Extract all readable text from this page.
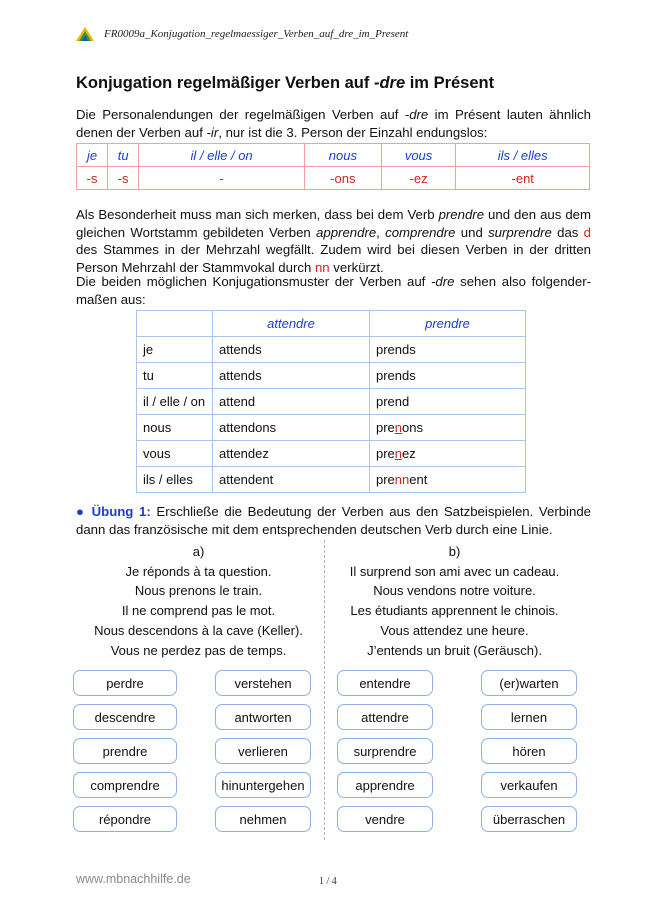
FR0009a_Konjugation_regelmaessiger_Verben_auf_dre_im_Present
Konjugation regelmäßiger Verben auf -dre im Présent

Die Personalendungen der regelmäßigen Verben auf -dre im Présent lauten ähnlich denen der Verben auf -ir, nur ist die 3. Person der Einzahl endungslos:

je	tu	il / elle / on	nous	vous	ils / elles
-s	-s	-	-ons	-ez	-ent

Als Besonderheit muss man sich merken, dass bei dem Verb prendre und den aus dem gleichen Wortstamm gebildeten Verben apprendre, comprendre und surprendre das d des Stammes in der Mehrzahl wegfällt. Zudem wird bei diesen Verben in der dritten Person Mehrzahl der Stammvokal durch nn verkürzt.

Die beiden möglichen Konjugationsmuster der Verben auf -dre sehen also folgender-maßen aus:

	attendre	prendre
je	attends	prends
tu	attends	prends
il / elle / on	attend	prend
nous	attendons	prenons
vous	attendez	prenez
ils / elles	attendent	prennent

● Übung 1: Erschließe die Bedeutung der Verben aus den Satzbeispielen. Verbinde dann das französische mit dem entsprechenden deutschen Verb durch eine Linie.

a)
Je réponds à ta question.
Nous prenons le train.
Il ne comprend pas le mot.
Nous descendons à la cave (Keller).
Vous ne perdez pas de temps.
b)
Il surprend son ami avec un cadeau.
Nous vendons notre voiture.
Les étudiants apprennent le chinois.
Vous attendez une heure.
J’entends un bruit (Geräusch).
perdre
descendre
prendre
comprendre
répondre
verstehen
antworten
verlieren
hinuntergehen
nehmen
entendre
attendre
surprendre
apprendre
vendre
(er)warten
lernen
hören
verkaufen
überraschen
www.mbnachhilfe.de	1 / 4
